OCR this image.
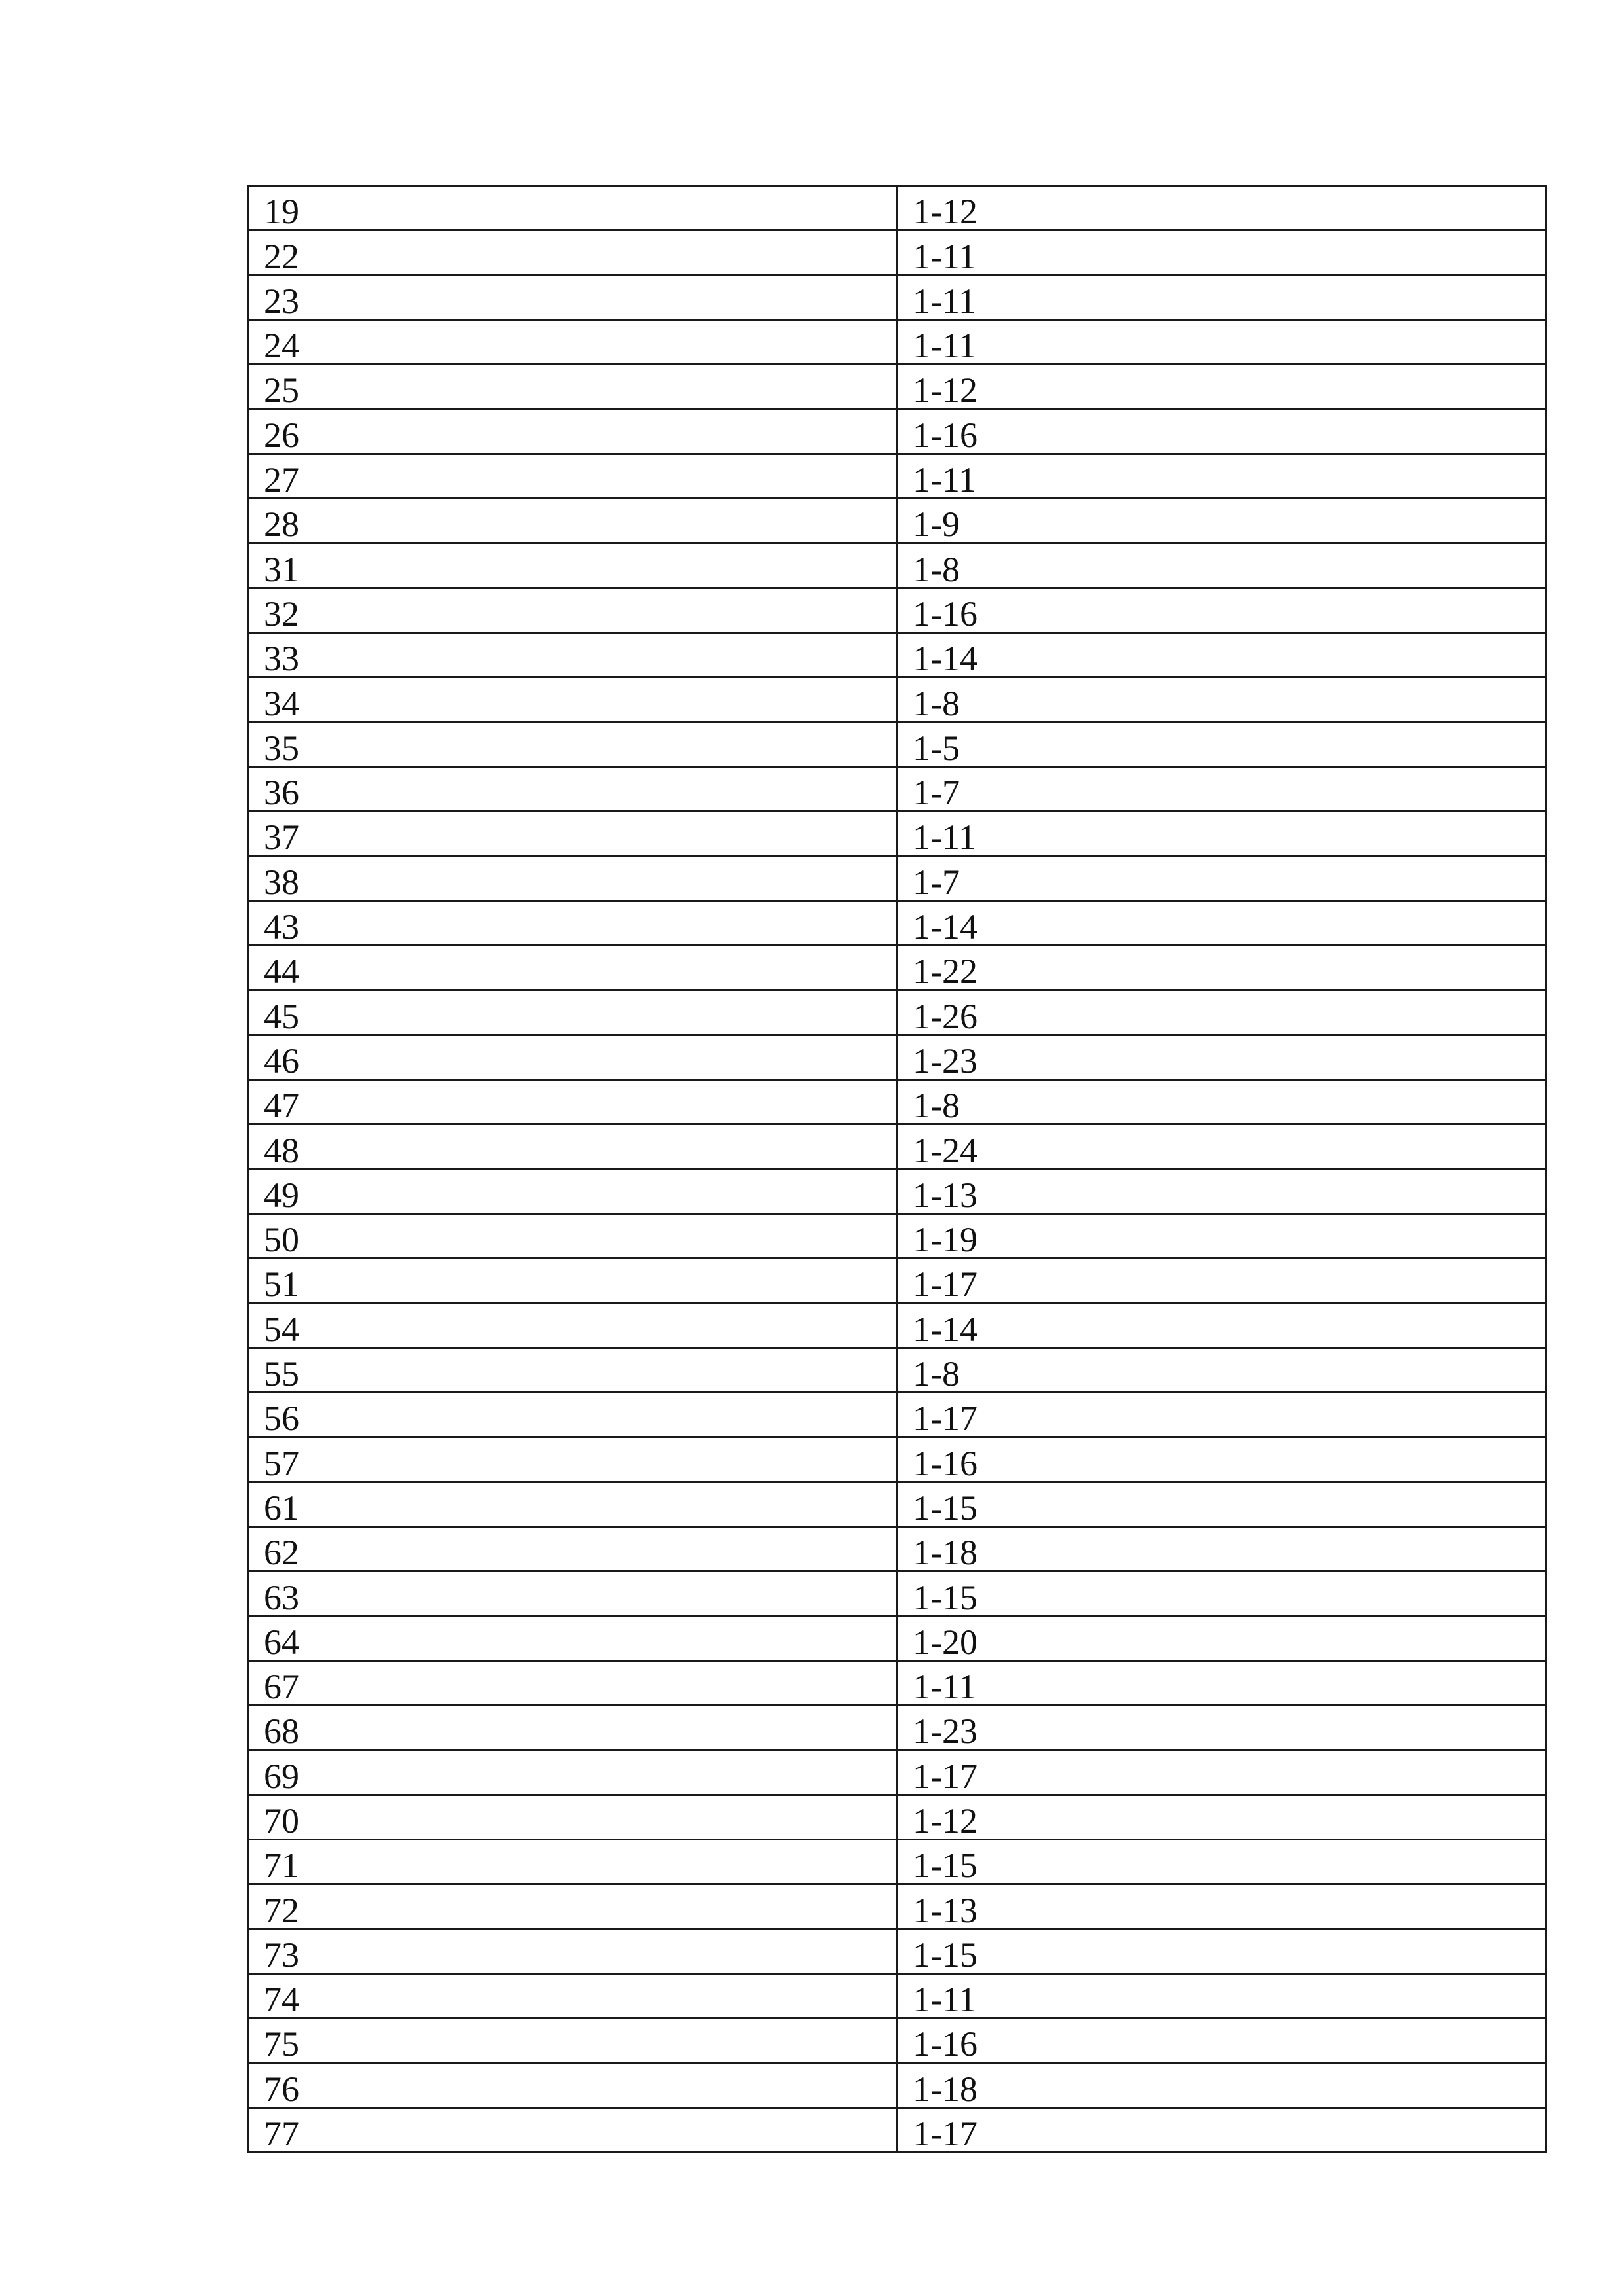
19	1-12
22	1-11
23	1-11
24	1-11
25	1-12
26	1-16
27	1-11
28	1-9
31	1-8
32	1-16
33	1-14
34	1-8
35	1-5
36	1-7
37	1-11
38	1-7
43	1-14
44	1-22
45	1-26
46	1-23
47	1-8
48	1-24
49	1-13
50	1-19
51	1-17
54	1-14
55	1-8
56	1-17
57	1-16
61	1-15
62	1-18
63	1-15
64	1-20
67	1-11
68	1-23
69	1-17
70	1-12
71	1-15
72	1-13
73	1-15
74	1-11
75	1-16
76	1-18
77	1-17
